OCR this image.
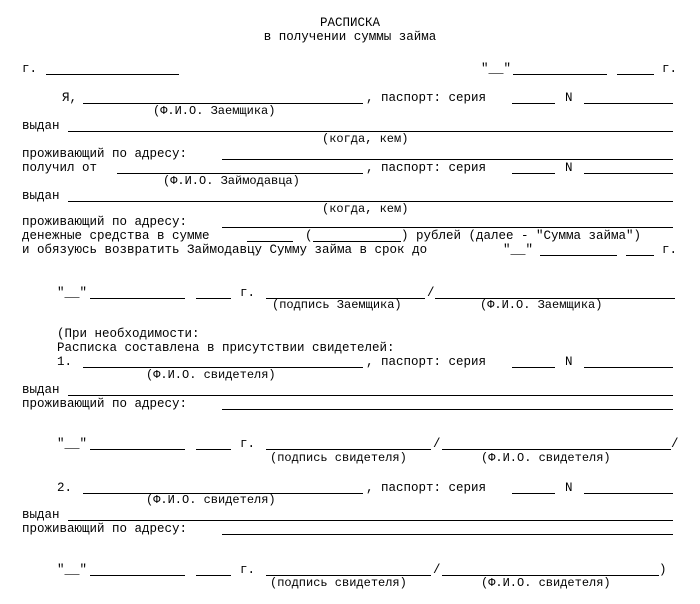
РАСПИСКА
в получении суммы займа
г.	"__"	г.
Я,	, паспорт: серия	N
(Ф.И.О. Заемщика)
выдан
(когда, кем)
проживающий по адресу:
получил от	, паспорт: серия	N
(Ф.И.О. Займодавца)
выдан
(когда, кем)
проживающий по адресу:
денежные средства в сумме	(	) рублей (далее - "Сумма займа")
и обязуюсь возвратить Займодавцу Сумму займа в срок до	"__"	г.
"__"	г.	/
(подпись Заемщика)	(Ф.И.О. Заемщика)
(При необходимости:
Расписка составлена в присутствии свидетелей:
1.	, паспорт: серия	N
(Ф.И.О. свидетеля)
выдан
проживающий по адресу:
"__"	г.	/	/
(подпись свидетеля)	(Ф.И.О. свидетеля)
2.	, паспорт: серия	N
(Ф.И.О. свидетеля)
выдан
проживающий по адресу:
"__"	г.	/	)
(подпись свидетеля)	(Ф.И.О. свидетеля)
